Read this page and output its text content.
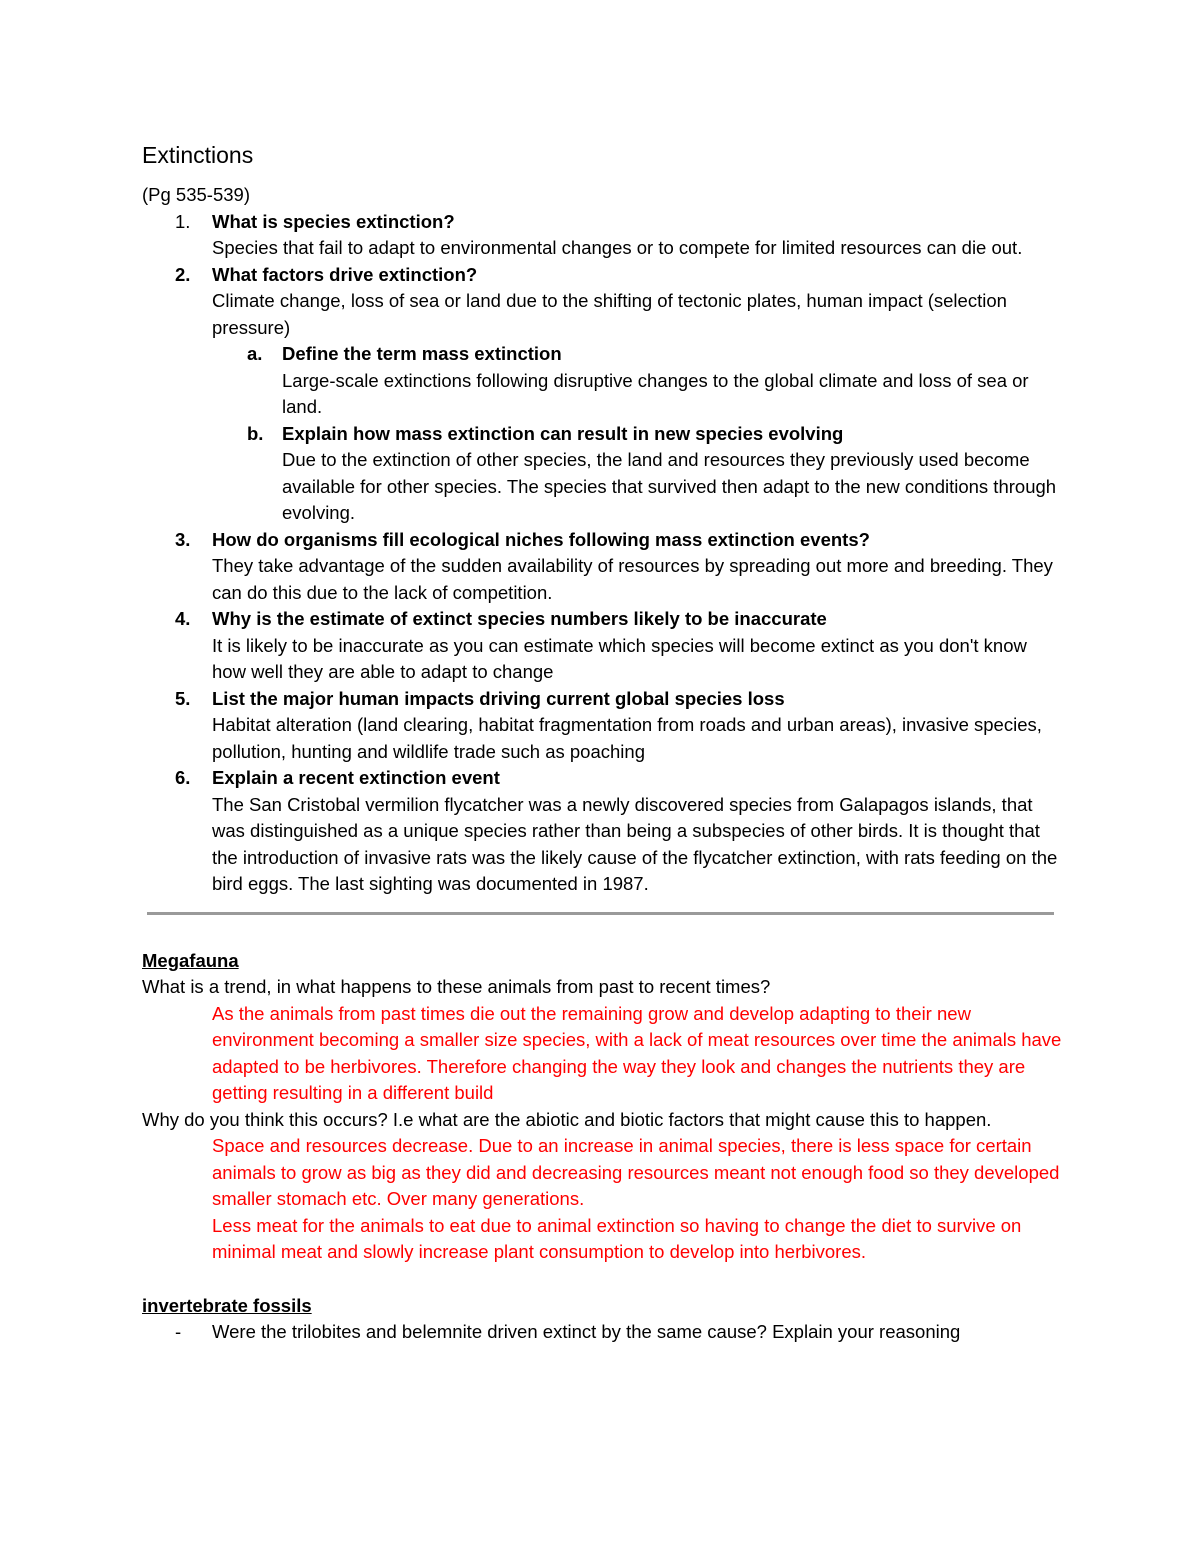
Extinctions
(Pg 535-539)
1. What is species extinction?
Species that fail to adapt to environmental changes or to compete for limited resources can die out.
2. What factors drive extinction?
Climate change, loss of sea or land due to the shifting of tectonic plates, human impact (selection pressure)
a. Define the term mass extinction
Large-scale extinctions following disruptive changes to the global climate and loss of sea or land.
b. Explain how mass extinction can result in new species evolving
Due to the extinction of other species, the land and resources they previously used become available for other species. The species that survived then adapt to the new conditions through evolving.
3. How do organisms fill ecological niches following mass extinction events?
They take advantage of the sudden availability of resources by spreading out more and breeding. They can do this due to the lack of competition.
4. Why is the estimate of extinct species numbers likely to be inaccurate
It is likely to be inaccurate as you can estimate which species will become extinct as you don't know how well they are able to adapt to change
5. List the major human impacts driving current global species loss
Habitat alteration (land clearing, habitat fragmentation from roads and urban areas), invasive species, pollution, hunting and wildlife trade such as poaching
6. Explain a recent extinction event
The San Cristobal vermilion flycatcher was a newly discovered species from Galapagos islands, that was distinguished as a unique species rather than being a subspecies of other birds. It is thought that the introduction of invasive rats was the likely cause of the flycatcher extinction, with rats feeding on the bird eggs. The last sighting was documented in 1987.
Megafauna
What is a trend, in what happens to these animals from past to recent times?
As the animals from past times die out the remaining grow and develop adapting to their new environment becoming a smaller size species, with a lack of meat resources over time the animals have adapted to be herbivores. Therefore changing the way they look and changes the nutrients they are getting resulting in a different build
Why do you think this occurs? I.e what are the abiotic and biotic factors that might cause this to happen.
Space and resources decrease. Due to an increase in animal species, there is less space for certain animals to grow as big as they did and decreasing resources meant not enough food so they developed smaller stomach etc. Over many generations.
Less meat for the animals to eat due to animal extinction so having to change the diet to survive on minimal meat and slowly increase plant consumption to develop into herbivores.
invertebrate fossils
- Were the trilobites and belemnite driven extinct by the same cause? Explain your reasoning
